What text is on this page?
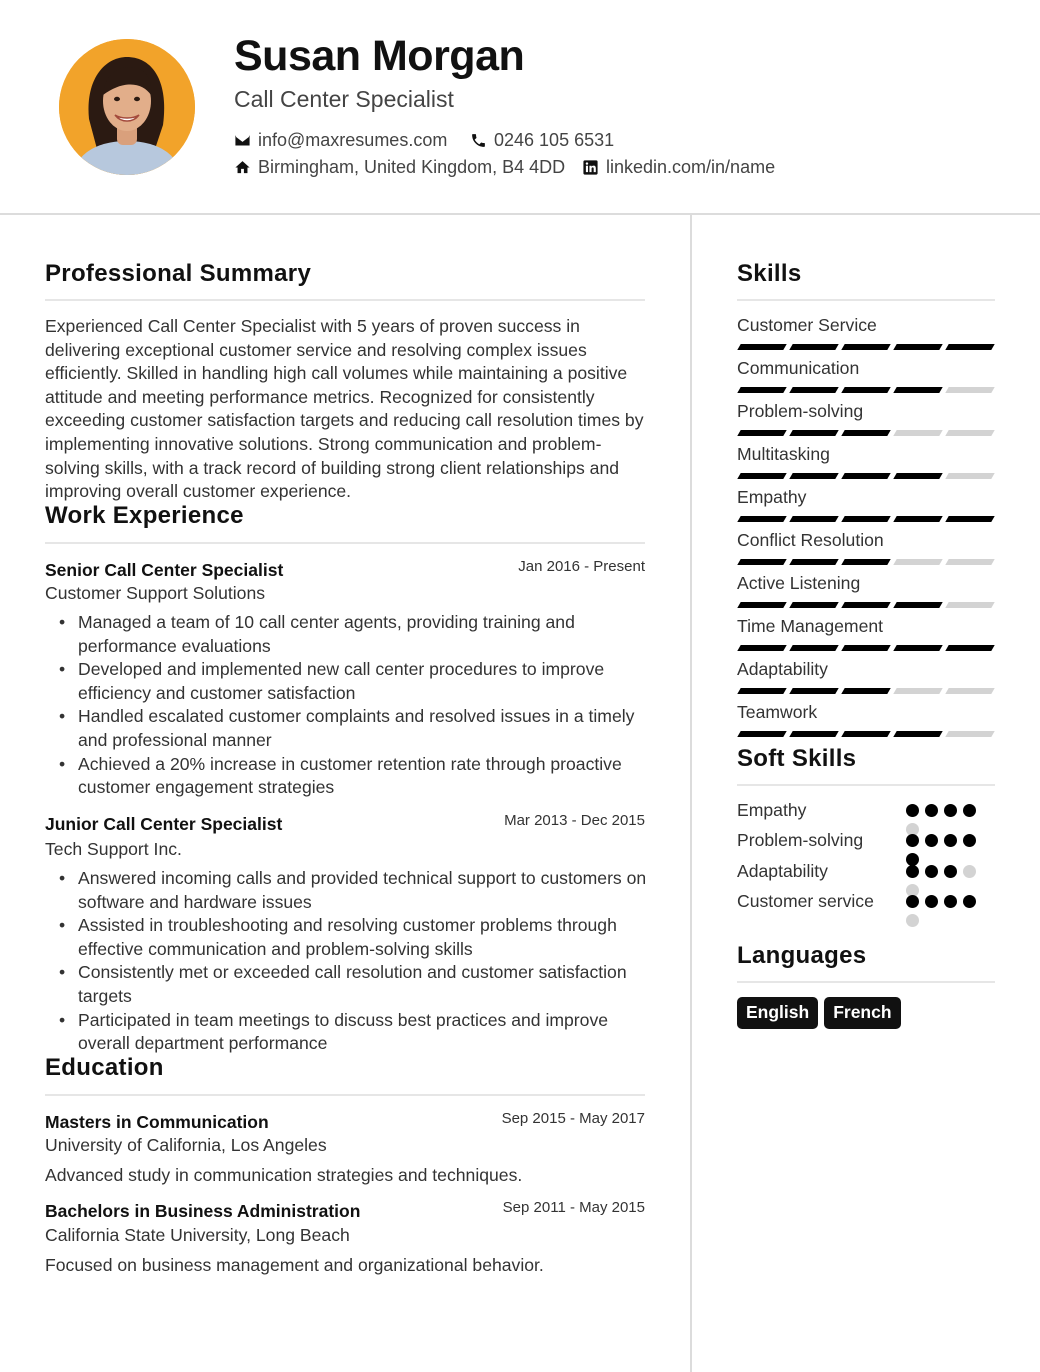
Susan Morgan
Call Center Specialist
info@maxresumes.com	0246 105 6531
Birmingham, United Kingdom, B4 4DD linkedin.com/in/name
Professional Summary
Experienced Call Center Specialist with 5 years of proven success in delivering exceptional customer service and resolving complex issues efficiently. Skilled in handling high call volumes while maintaining a positive attitude and meeting performance metrics. Recognized for consistently exceeding customer satisfaction targets and reducing call resolution times by implementing innovative solutions. Strong communication and problem-solving skills, with a track record of building strong client relationships and improving overall customer experience.
Work Experience
Senior Call Center Specialist	Jan 2016 - Present
Customer Support Solutions
• Managed a team of 10 call center agents, providing training and performance evaluations
• Developed and implemented new call center procedures to improve efficiency and customer satisfaction
• Handled escalated customer complaints and resolved issues in a timely and professional manner
• Achieved a 20% increase in customer retention rate through proactive customer engagement strategies
Junior Call Center Specialist	Mar 2013 - Dec 2015
Tech Support Inc.
• Answered incoming calls and provided technical support to customers on software and hardware issues
• Assisted in troubleshooting and resolving customer problems through effective communication and problem-solving skills
• Consistently met or exceeded call resolution and customer satisfaction targets
• Participated in team meetings to discuss best practices and improve overall department performance
Education
Masters in Communication	Sep 2015 - May 2017
University of California, Los Angeles
Advanced study in communication strategies and techniques.
Bachelors in Business Administration	Sep 2011 - May 2015
California State University, Long Beach
Focused on business management and organizational behavior.
Skills
Customer Service
Communication
Problem-solving
Multitasking
Empathy
Conflict Resolution
Active Listening
Time Management
Adaptability
Teamwork
Soft Skills
Empathy
Problem-solving
Adaptability
Customer service
Languages
English	French
